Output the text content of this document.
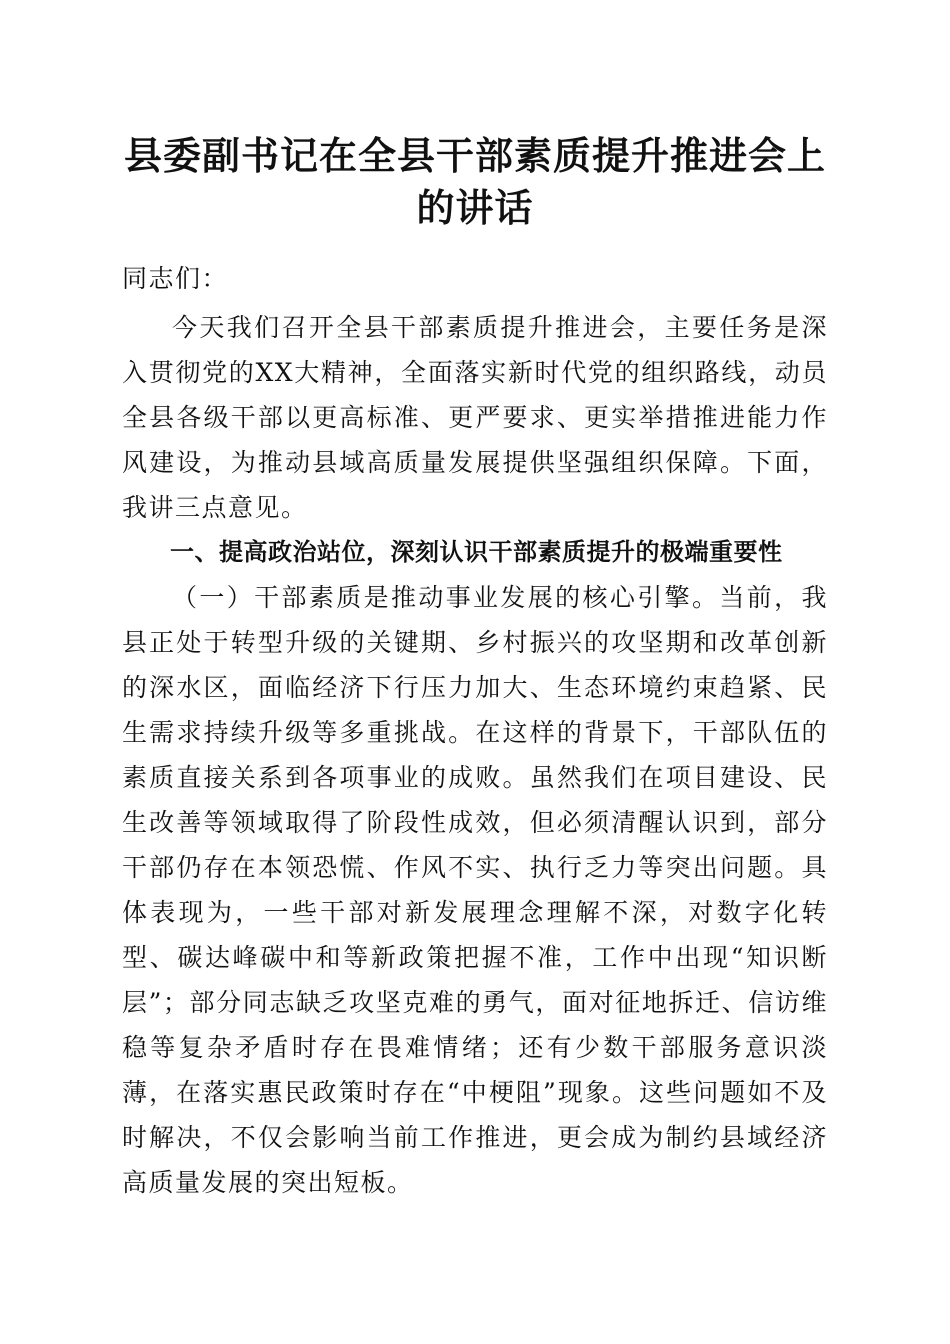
县委副书记在全县干部素质提升推进会上的讲话

同志们：

今天我们召开全县干部素质提升推进会，主要任务是深入贯彻党的XX大精神，全面落实新时代党的组织路线，动员全县各级干部以更高标准、更严要求、更实举措推进能力作风建设，为推动县域高质量发展提供坚强组织保障。下面，我讲三点意见。

一、提高政治站位，深刻认识干部素质提升的极端重要性

（一）干部素质是推动事业发展的核心引擎。当前，我县正处于转型升级的关键期、乡村振兴的攻坚期和改革创新的深水区，面临经济下行压力加大、生态环境约束趋紧、民生需求持续升级等多重挑战。在这样的背景下，干部队伍的素质直接关系到各项事业的成败。虽然我们在项目建设、民生改善等领域取得了阶段性成效，但必须清醒认识到，部分干部仍存在本领恐慌、作风不实、执行乏力等突出问题。具体表现为，一些干部对新发展理念理解不深，对数字化转型、碳达峰碳中和等新政策把握不准，工作中出现“知识断层”；部分同志缺乏攻坚克难的勇气，面对征地拆迁、信访维稳等复杂矛盾时存在畏难情绪；还有少数干部服务意识淡薄，在落实惠民政策时存在“中梗阻”现象。这些问题如不及时解决，不仅会影响当前工作推进，更会成为制约县域经济高质量发展的突出短板。
